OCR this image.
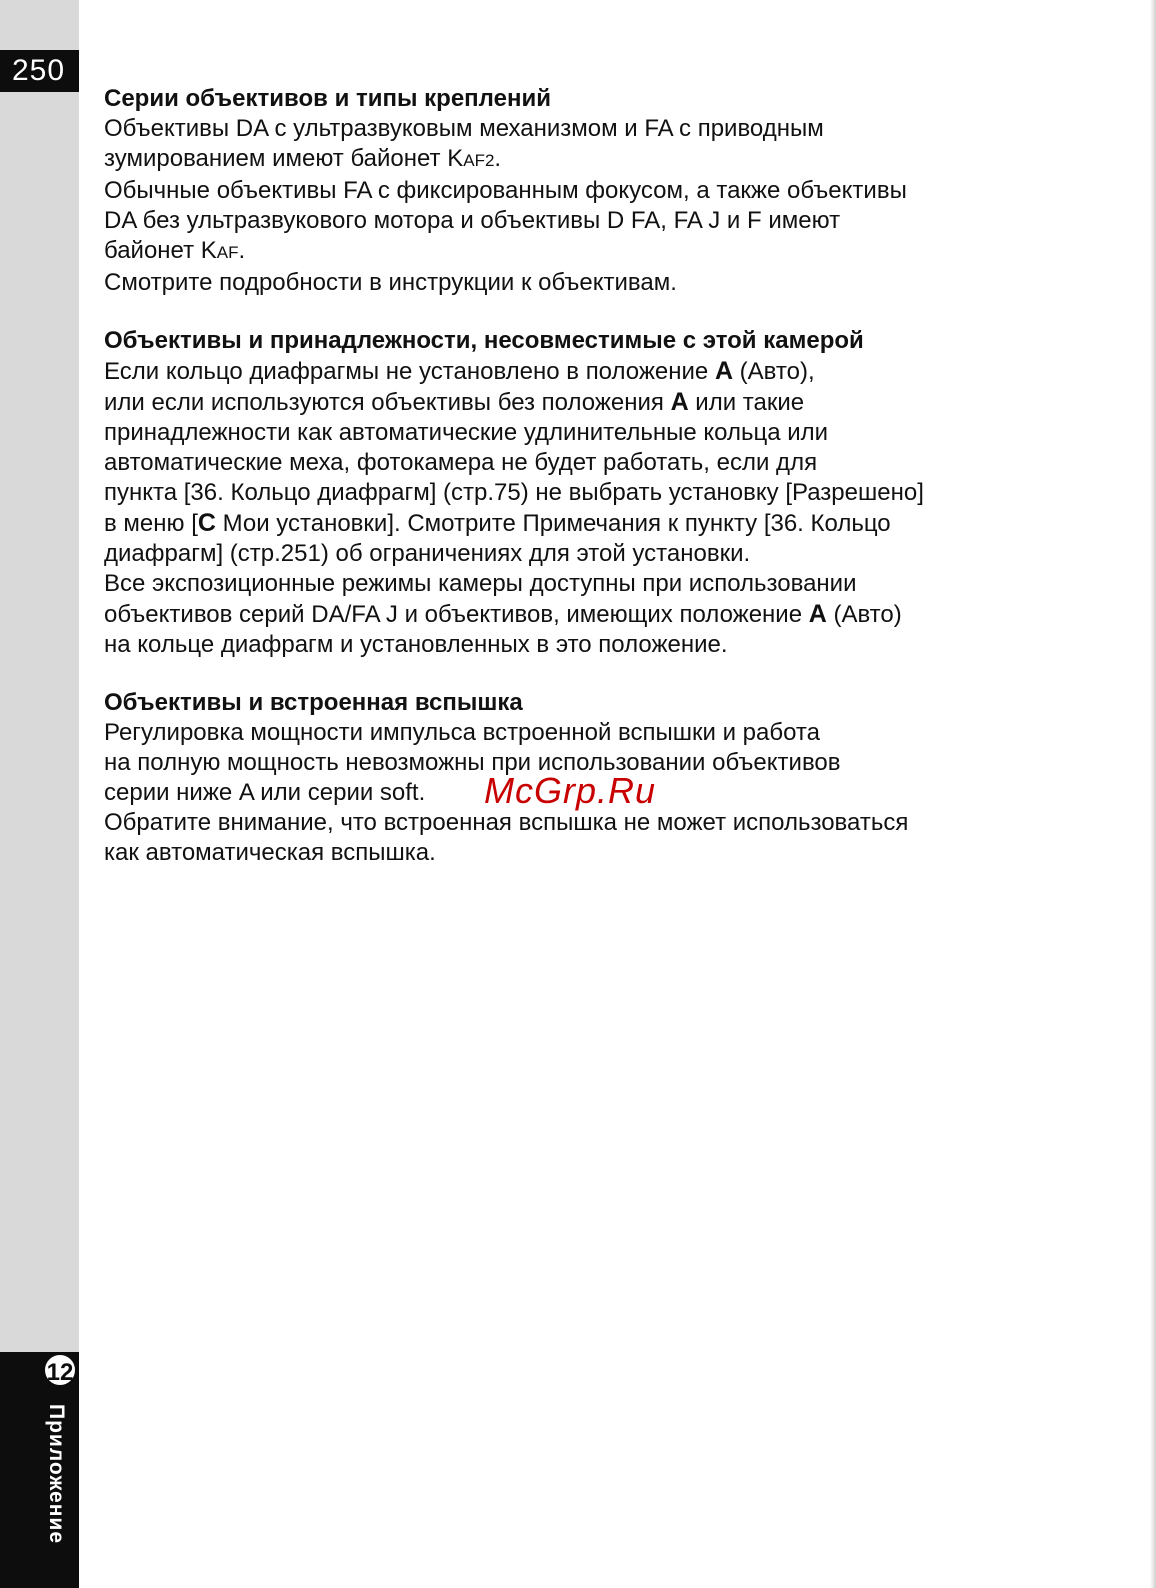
250
12
Приложение
Серии объективов и типы креплений

Объективы DA с ультразвуковым механизмом и FA с приводным
зумированием имеют байонет KAF2.

Обычные объективы FA с фиксированным фокусом, а также объективы
DA без ультразвукового мотора и объективы D FA, FA J и F имеют
байонет KAF.

Смотрите подробности в инструкции к объективам.

Объективы и принадлежности, несовместимые с этой камерой

Если кольцо диафрагмы не установлено в положение A (Авто),
или если используются объективы без положения A или такие
принадлежности как автоматические удлинительные кольца или
автоматические меха, фотокамера не будет работать, если для
пункта [36. Кольцо диафрагм] (стр.75) не выбрать установку [Разрешено]
в меню [C Мои установки]. Смотрите Примечания к пункту [36. Кольцо
диафрагм] (стр.251) об ограничениях для этой установки.

Все экспозиционные режимы камеры доступны при использовании
объективов серий DA/FA J и объективов, имеющих положение A (Авто)
на кольце диафрагм и установленных в это положение.

Объективы и встроенная вспышка

Регулировка мощности импульса встроенной вспышки и работа
на полную мощность невозможны при использовании объективов
серии ниже A или серии soft.

Обратите внимание, что встроенная вспышка не может использоваться
как автоматическая вспышка.

McGrp.Ru
